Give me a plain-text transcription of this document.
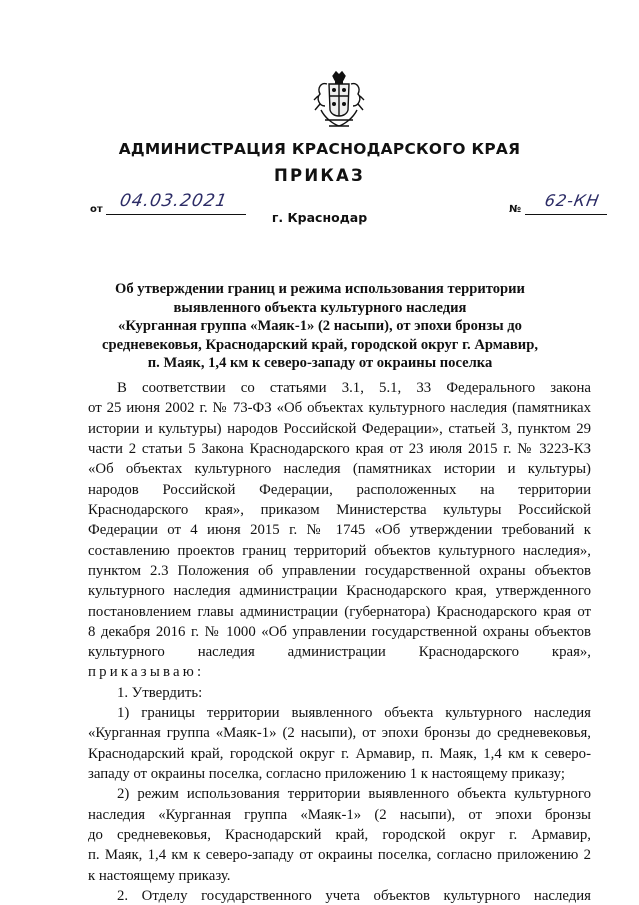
АДМИНИСТРАЦИЯ КРАСНОДАРСКОГО КРАЯ
ПРИКАЗ
от 04.03.2021
г. Краснодар
№ 62-КН
Об утверждении границ и режима использования территории
выявленного объекта культурного наследия
«Курганная группа «Маяк-1» (2 насыпи), от эпохи бронзы до
средневековья, Краснодарский край, городской округ г. Армавир,
п. Маяк, 1,4 км к северо-западу от окраины поселка
В соответствии со статьями 3.1, 5.1, 33 Федерального закона
от 25 июня 2002 г. № 73-ФЗ «Об объектах культурного наследия (памятниках
истории и культуры) народов Российской Федерации», статьей 3, пунктом 29
части 2 статьи 5 Закона Краснодарского края от 23 июля 2015 г. № 3223-КЗ
«Об объектах культурного наследия (памятниках истории и культуры)
народов Российской Федерации, расположенных на территории
Краснодарского края», приказом Министерства культуры Российской
Федерации от 4 июня 2015 г. № 1745 «Об утверждении требований к
составлению проектов границ территорий объектов культурного наследия»,
пунктом 2.3 Положения об управлении государственной охраны объектов
культурного наследия администрации Краснодарского края, утвержденного
постановлением главы администрации (губернатора) Краснодарского края от
8 декабря 2016 г. № 1000 «Об управлении государственной охраны объектов
культурного наследия администрации Краснодарского края»,
приказываю:
1. Утвердить:
1) границы территории выявленного объекта культурного наследия
«Курганная группа «Маяк-1» (2 насыпи), от эпохи бронзы до средневековья,
Краснодарский край, городской округ г. Армавир, п. Маяк, 1,4 км к северо-
западу от окраины поселка, согласно приложению 1 к настоящему приказу;
2) режим использования территории выявленного объекта культурного
наследия «Курганная группа «Маяк-1» (2 насыпи), от эпохи бронзы
до средневековья, Краснодарский край, городской округ г. Армавир,
п. Маяк, 1,4 км к северо-западу от окраины поселка, согласно приложению 2
к настоящему приказу.
2. Отделу государственного учета объектов культурного наследия
